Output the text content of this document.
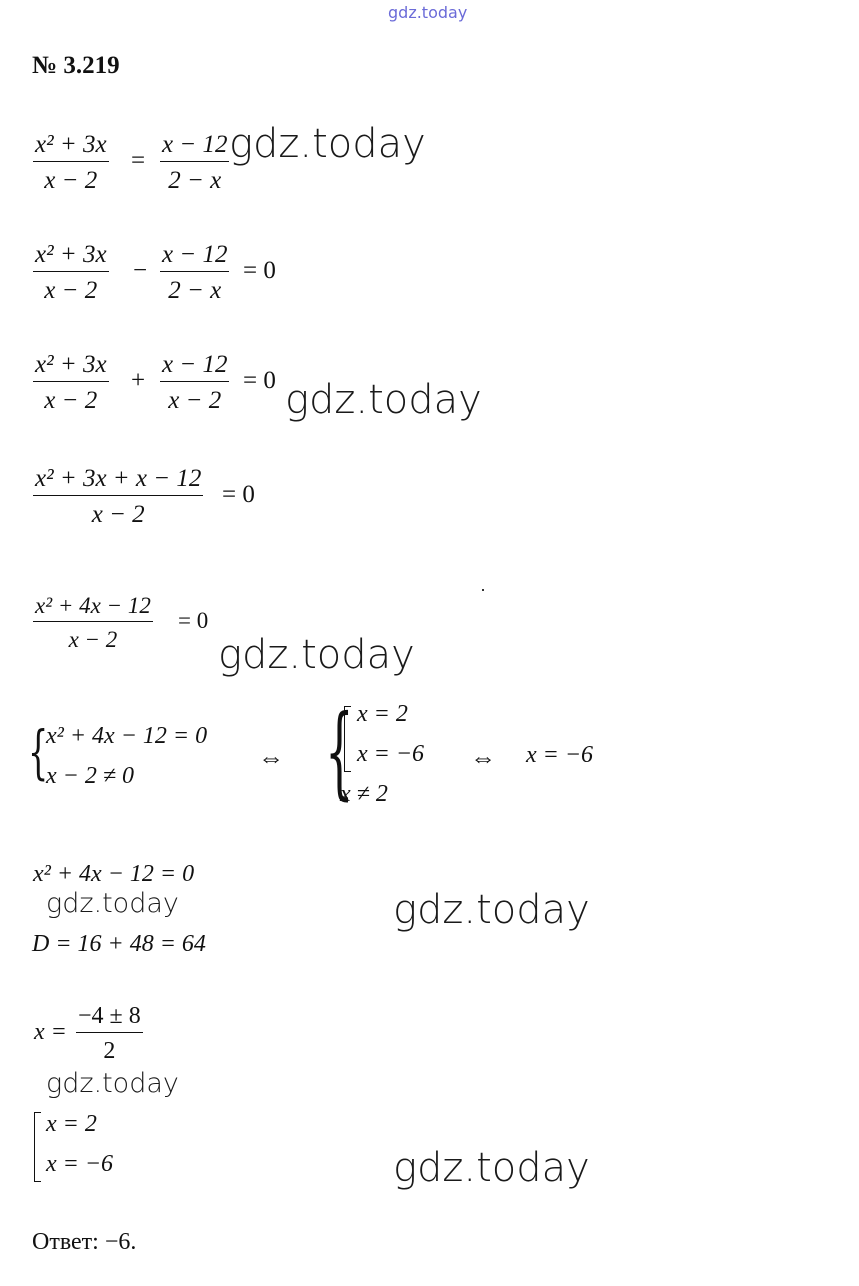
gdz.today
№ 3.219
x² + 3x
x − 2
=
x − 12
2 − x
gdz.today
x² + 3x
x − 2
−
x − 12
2 − x
= 0
x² + 3x
x − 2
+
x − 12
x − 2
= 0 gdz.today
x² + 3x + x − 12
x − 2
= 0
x² + 4x − 12
x − 2
= 0
gdz.today
{
x² + 4x − 12 = 0
x − 2 ≠ 0
⇔ { x = 2
x = −6
x ≠ 2
⇔ x = −6
x² + 4x − 12 = 0
gdz.today	gdz.today
D = 16 + 48 = 64
x =
−4 ± 8
2
gdz.today
x = 2
x = −6	gdz.today
Ответ: −6.
